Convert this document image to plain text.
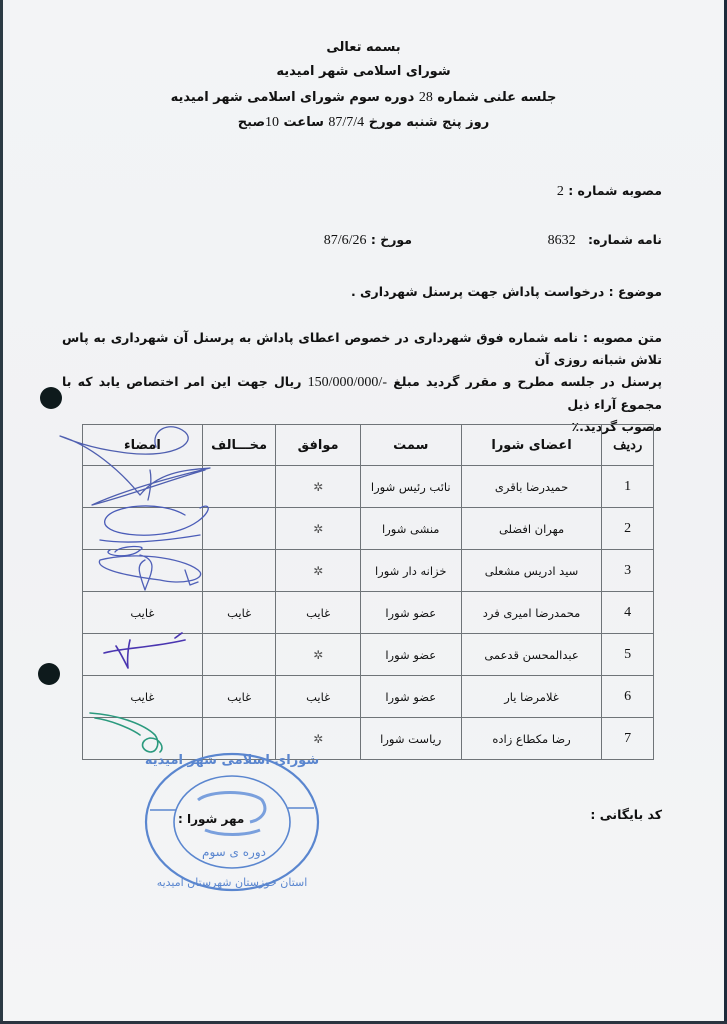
بسمه تعالی
شورای اسلامی شهر امیدیه
جلسه علنی شماره 28 دوره سوم شورای اسلامی شهر امیدیه
روز پنج شنبه مورخ 87/7/4 ساعت 10صبح
مصوبه شماره : 2
نامه شماره: 8632
مورخ : 87/6/26
موضوع : درخواست پاداش جهت پرسنل شهرداری .
متن مصوبه : نامه شماره فوق شهرداری در خصوص اعطای پاداش به پرسنل آن شهرداری به پاس تلاش شبانه روزی آن
پرسنل در جلسه مطرح و مقرر گردید مبلغ 150/000/000/- ریال جهت این امر اختصاص یابد که با مجموع آراء ذیل
مصوب گردید.٪
ردیف	اعضای شورا	سمت	موافق	مخـــالف	امضاء
1	حمیدرضا باقری	نائب رئیس شورا	✲		
2	مهران افضلی	منشی شورا	✲		
3	سید ادریس مشعلی	خزانه دار شورا	✲		
4	محمدرضا امیری فرد	عضو شورا	غایب	غایب	غایب
5	عبدالمحسن قدعمی	عضو شورا	✲		
6	غلامرضا یار	عضو شورا	غایب	غایب	غایب
7	رضا مکطاع زاده	ریاست شورا	✲		
شورای اسلامی شهر امیدیه
استان خوزستان شهرستان امیدیه
دوره ی سوم
مهر شورا :	کد بایگانی :
